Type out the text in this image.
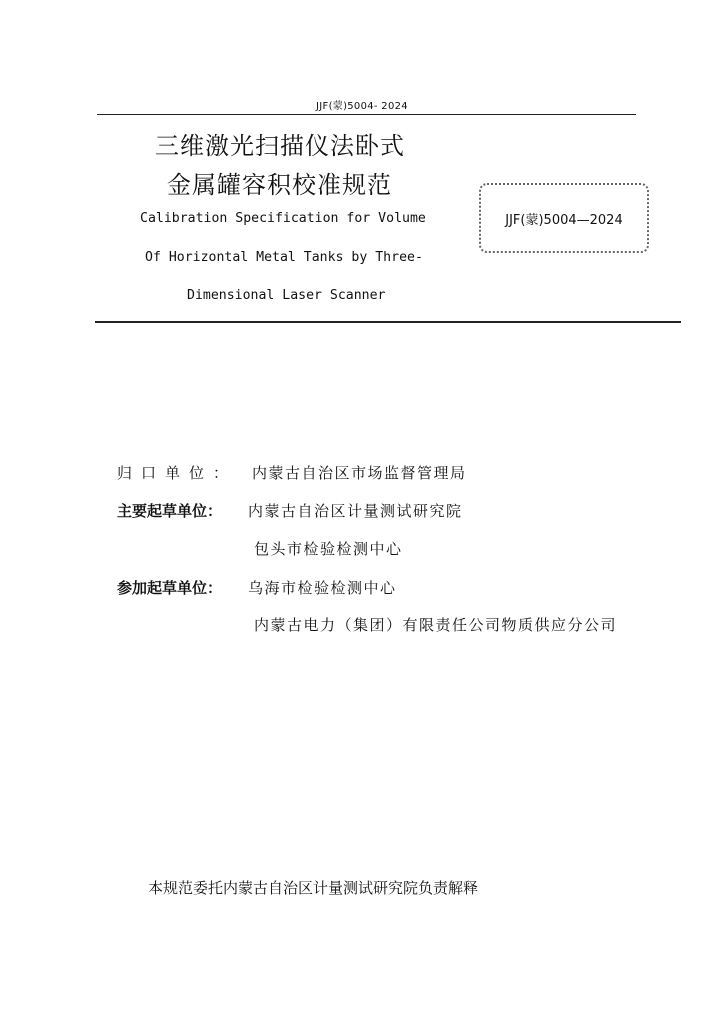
JJF(蒙)5004- 2024
三维激光扫描仪法卧式
金属罐容积校准规范
Calibration Specification for Volume
Of Horizontal Metal Tanks by Three-
Dimensional Laser Scanner
JJF(蒙)5004—2024
归口单位： 内蒙古自治区市场监督管理局
主要起草单位： 内蒙古自治区计量测试研究院
包头市检验检测中心
参加起草单位： 乌海市检验检测中心
内蒙古电力（集团）有限责任公司物质供应分公司
本规范委托内蒙古自治区计量测试研究院负责解释
